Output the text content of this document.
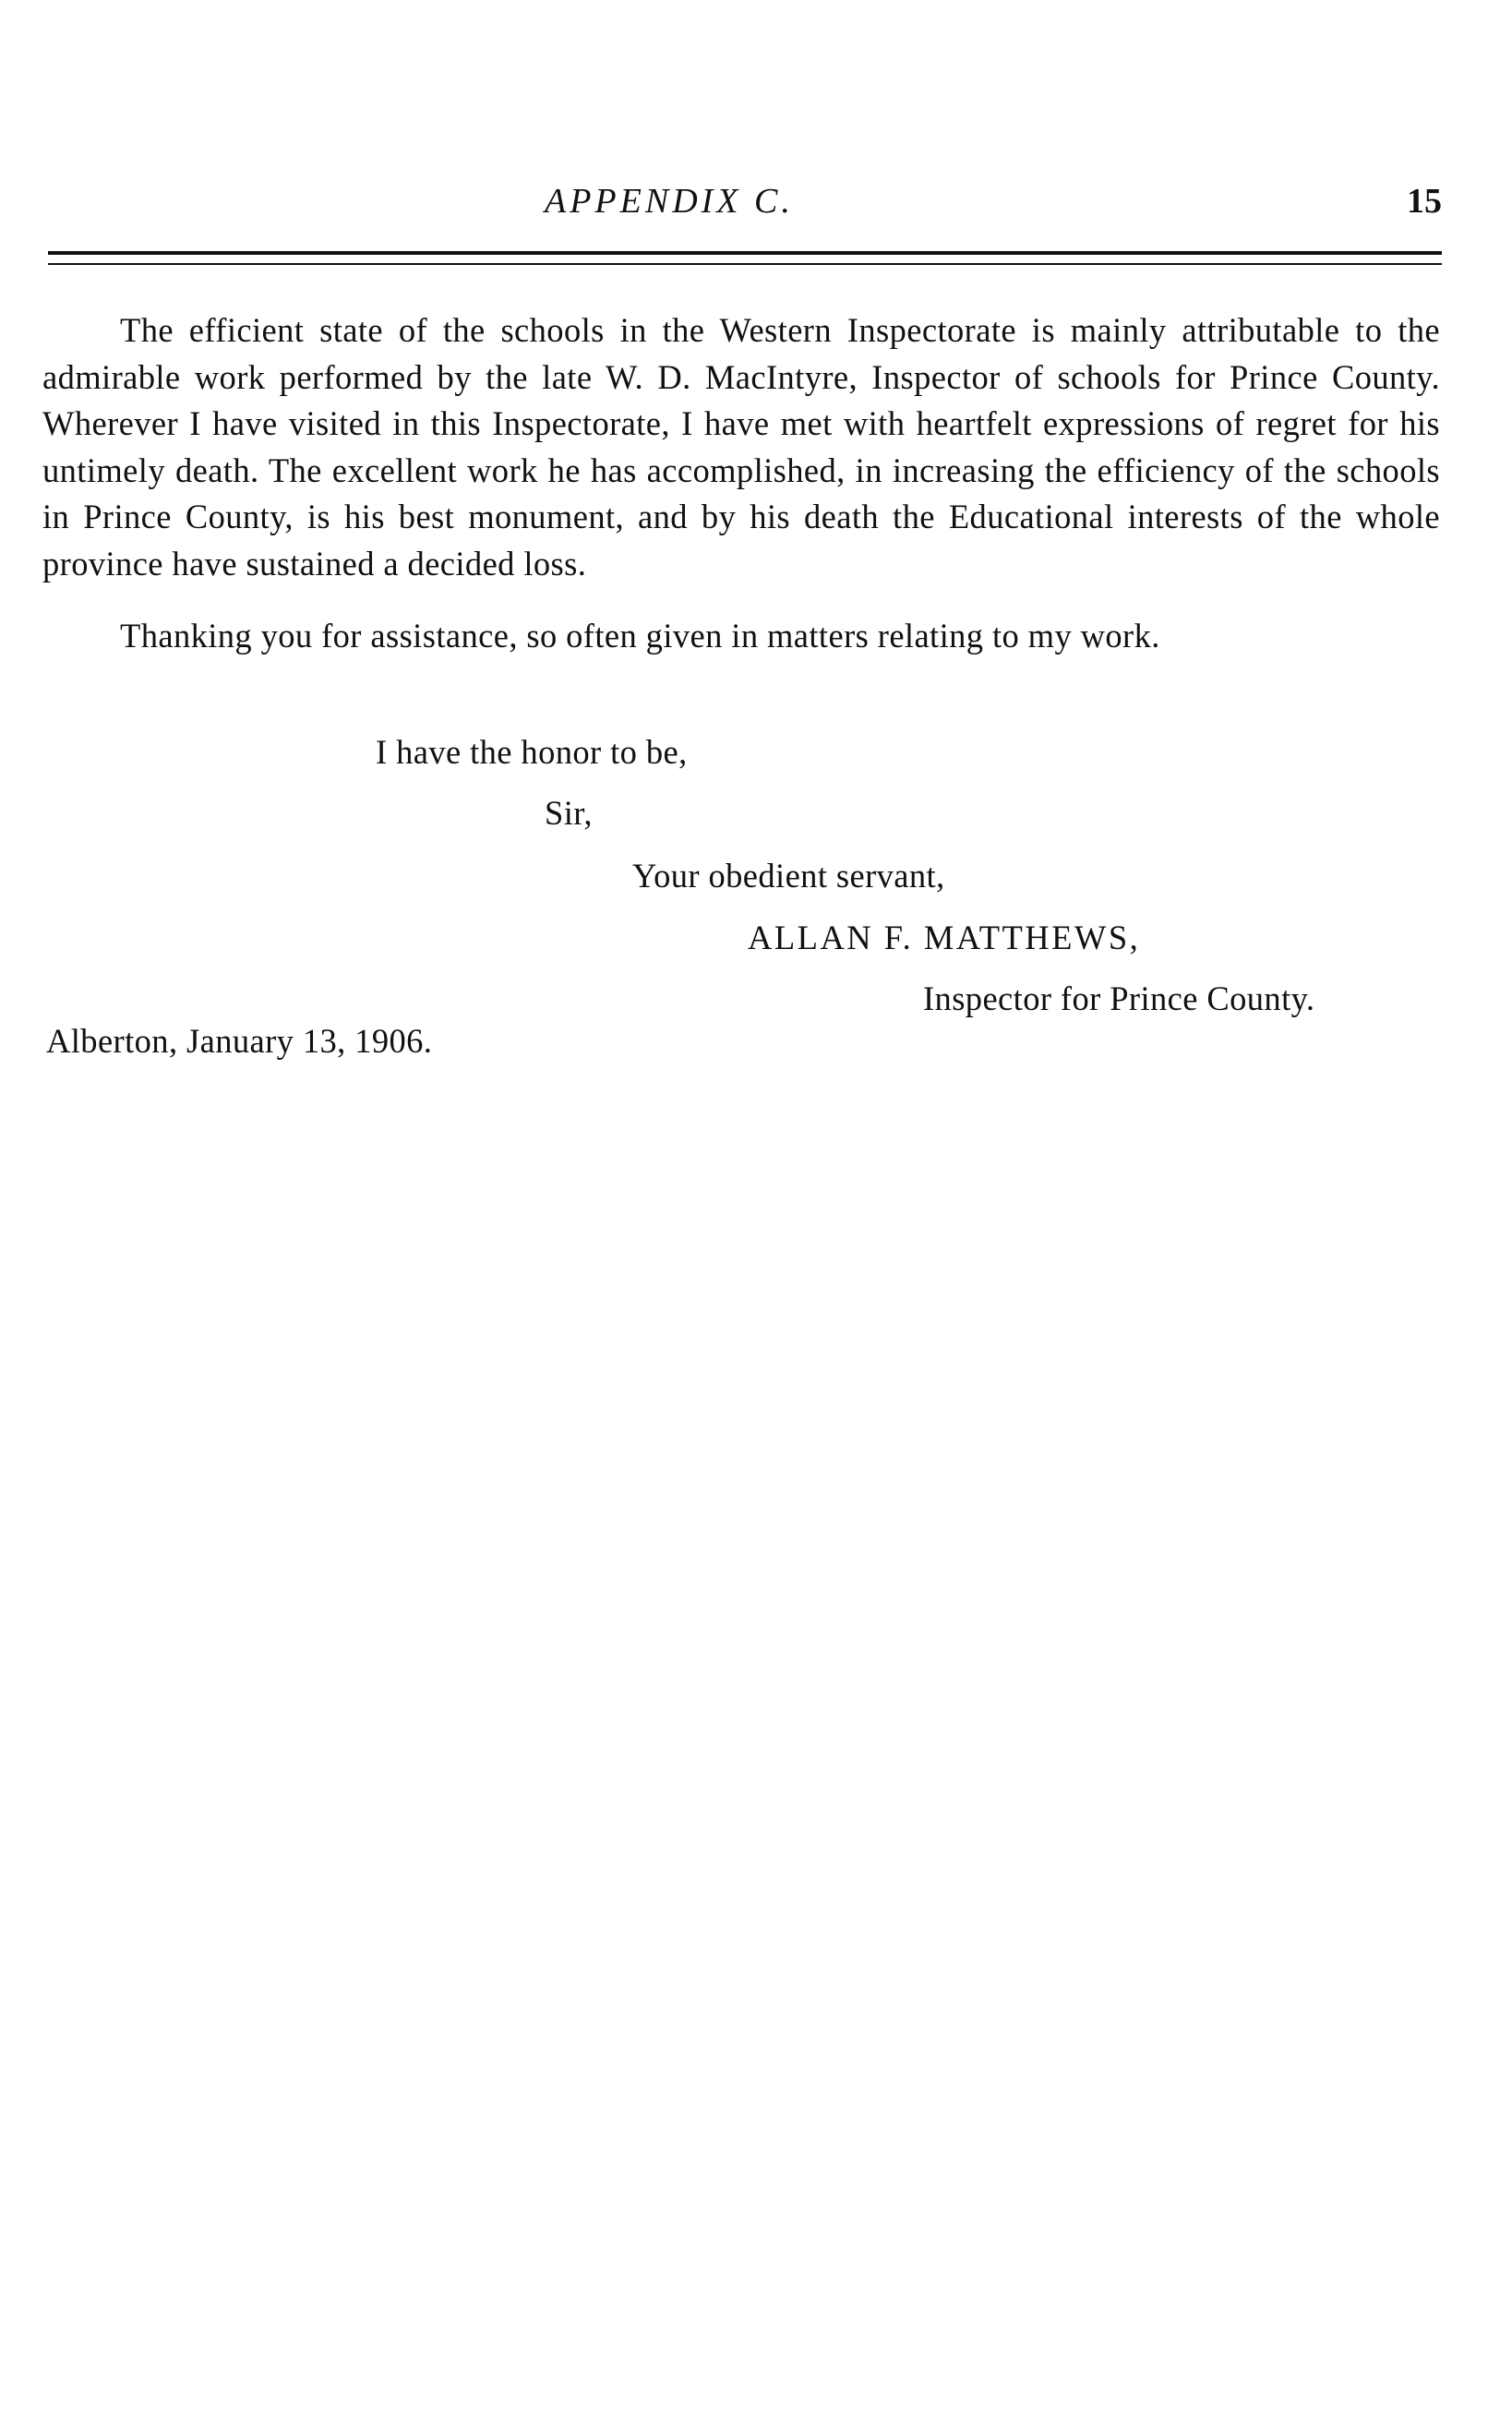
APPENDIX C.	15

The efficient state of the schools in the Western Inspectorate is mainly attributable to the admirable work performed by the late W. D. MacIntyre, Inspector of schools for Prince County. Wherever I have visited in this Inspectorate, I have met with heartfelt expressions of regret for his untimely death. The excellent work he has accomplished, in increasing the efficiency of the schools in Prince County, is his best monument, and by his death the Educational interests of the whole province have sustained a decided loss.

Thanking you for assistance, so often given in matters relating to my work.

I have the honor to be,
Sir,
Your obedient servant,
ALLAN F. MATTHEWS,
Inspector for Prince County.
Alberton, January 13, 1906.
